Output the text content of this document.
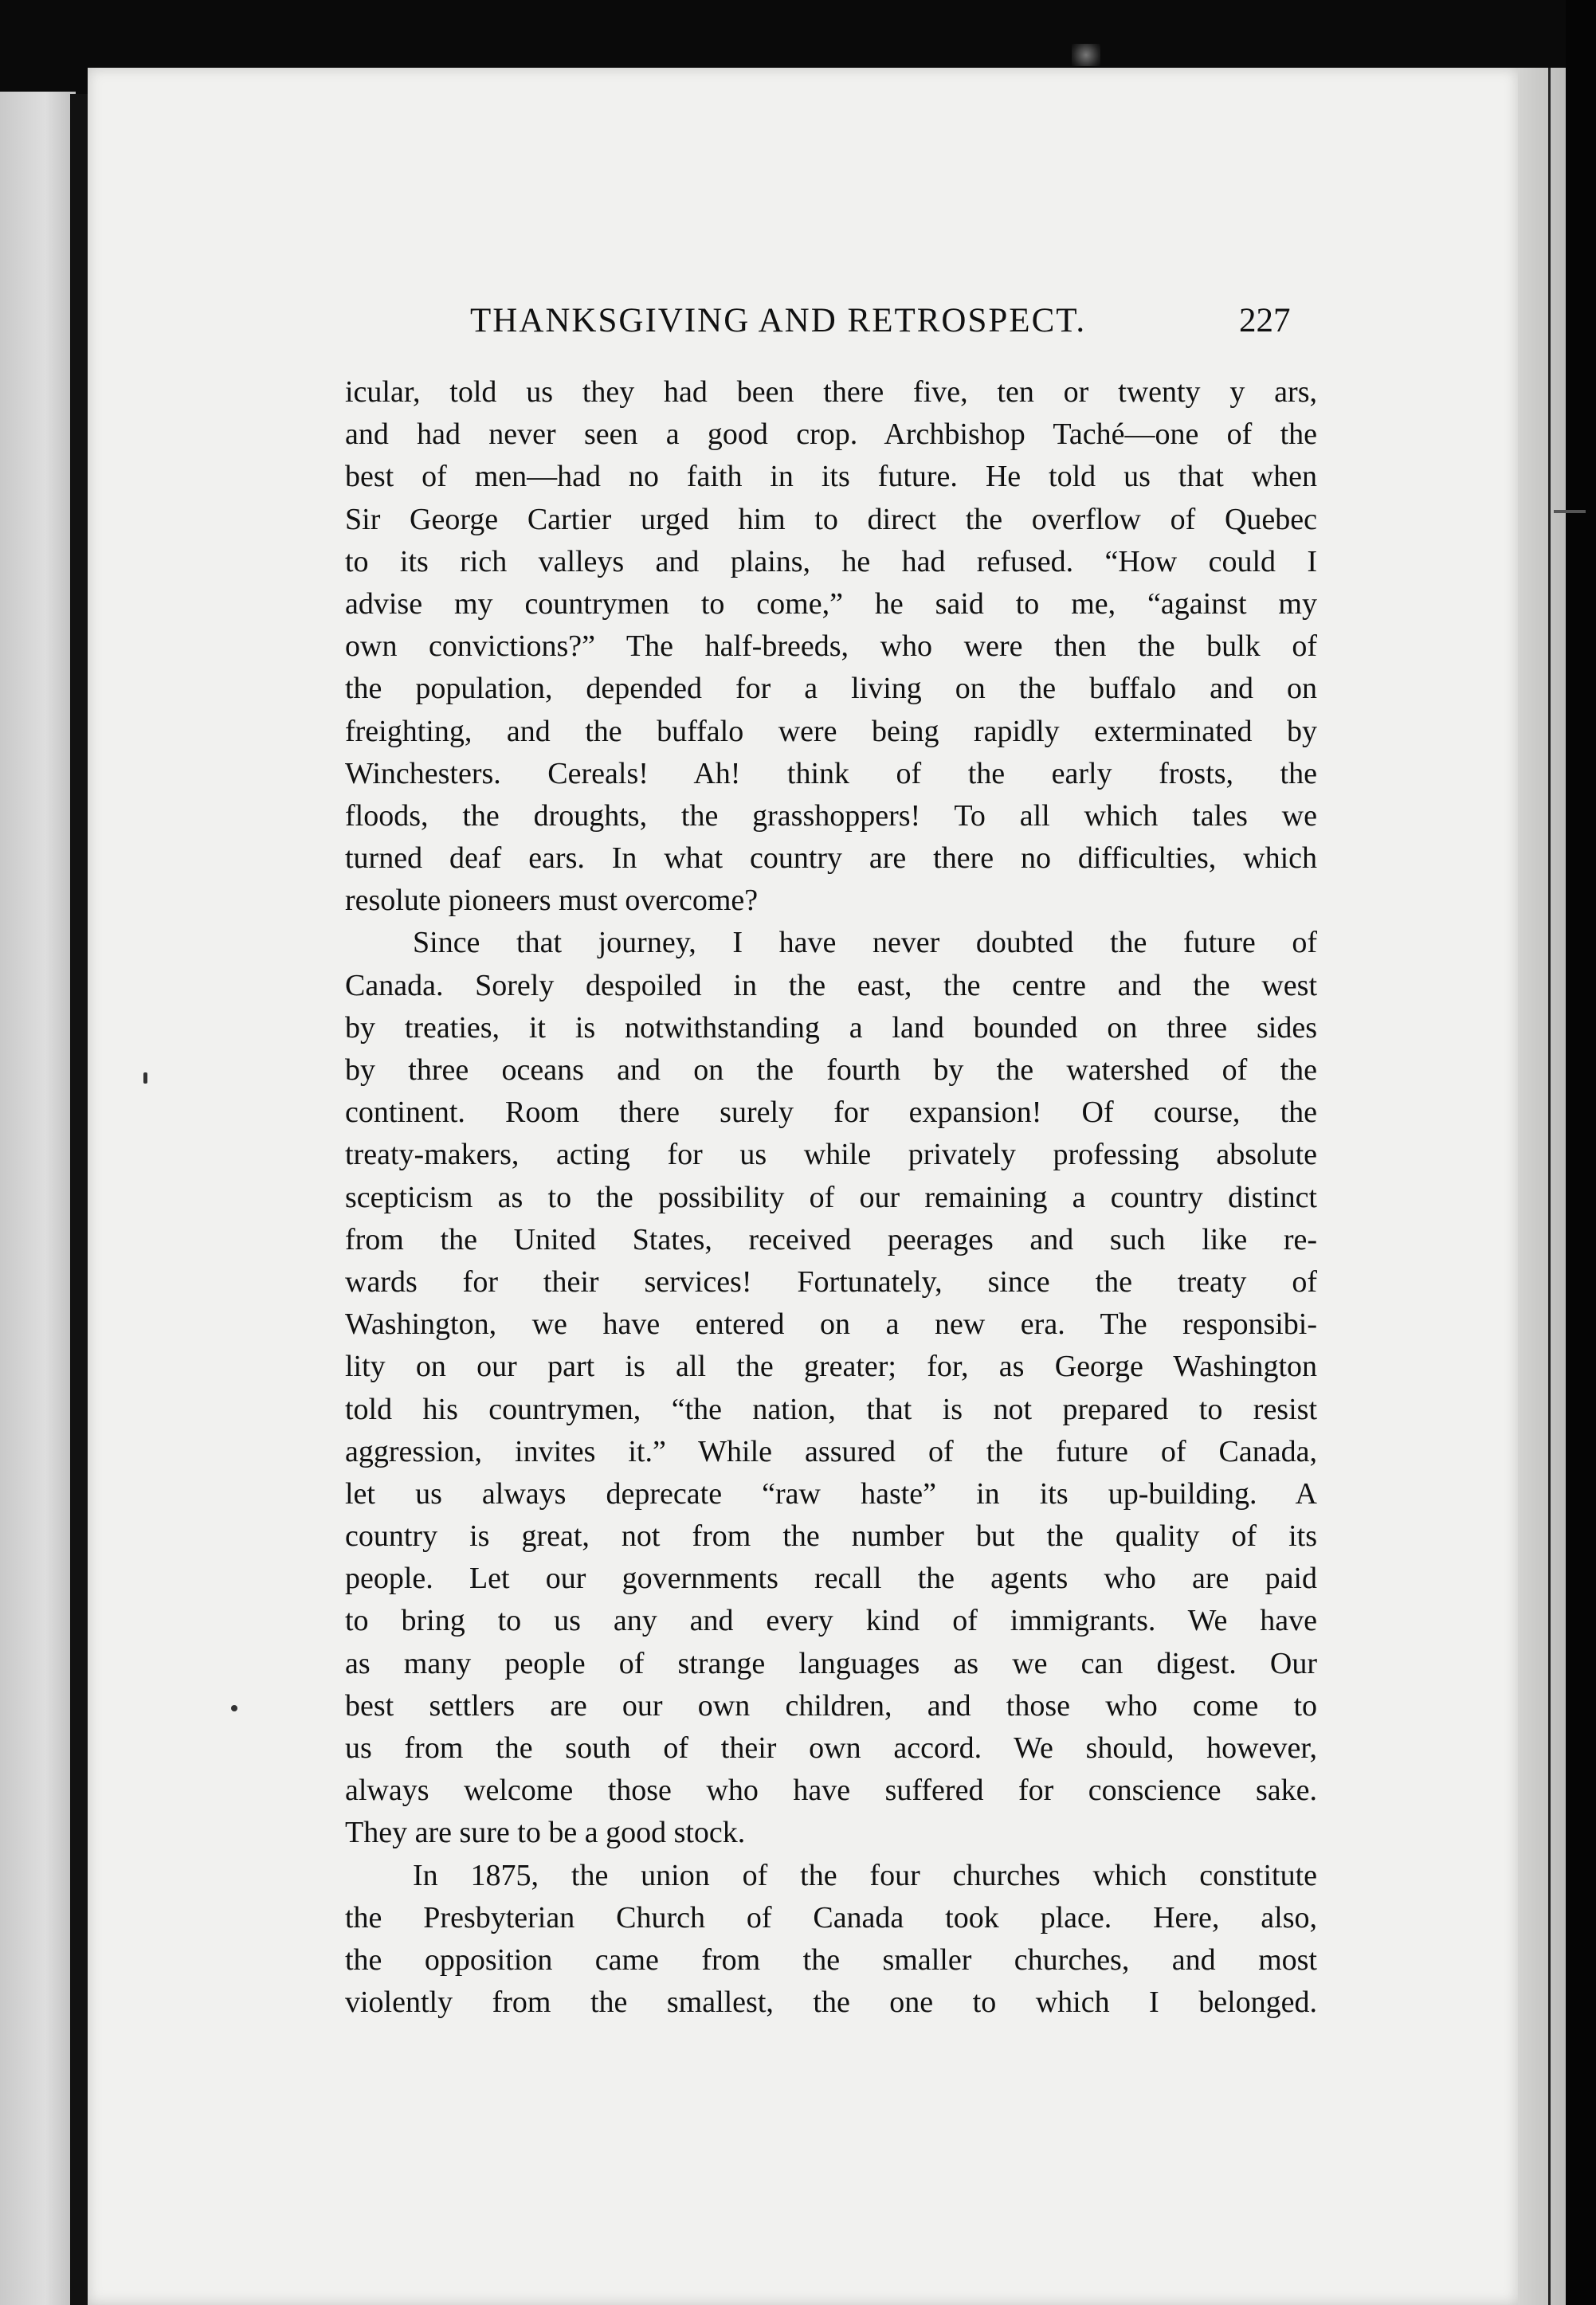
THANKSGIVING AND RETROSPECT.	227
icular, told us they had been there five, ten or twenty y ars,
and had never seen a good crop. Archbishop Taché—one of the
best of men—had no faith in its future. He told us that when
Sir George Cartier urged him to direct the overflow of Quebec
to its rich valleys and plains, he had refused. “How could I
advise my countrymen to come,” he said to me, “against my
own convictions?” The half-breeds, who were then the bulk of
the population, depended for a living on the buffalo and on
freighting, and the buffalo were being rapidly exterminated by
Winchesters. Cereals! Ah! think of the early frosts, the
floods, the droughts, the grasshoppers! To all which tales we
turned deaf ears. In what country are there no difficulties, which
resolute pioneers must overcome?
Since that journey, I have never doubted the future of
Canada. Sorely despoiled in the east, the centre and the west
by treaties, it is notwithstanding a land bounded on three sides
by three oceans and on the fourth by the watershed of the
continent. Room there surely for expansion! Of course, the
treaty-makers, acting for us while privately professing absolute
scepticism as to the possibility of our remaining a country distinct
from the United States, received peerages and such like re-
wards for their services! Fortunately, since the treaty of
Washington, we have entered on a new era. The responsibi-
lity on our part is all the greater; for, as George Washington
told his countrymen, “the nation, that is not prepared to resist
aggression, invites it.” While assured of the future of Canada,
let us always deprecate “raw haste” in its up-building. A
country is great, not from the number but the quality of its
people. Let our governments recall the agents who are paid
to bring to us any and every kind of immigrants. We have
as many people of strange languages as we can digest. Our
best settlers are our own children, and those who come to
us from the south of their own accord. We should, however,
always welcome those who have suffered for conscience sake.
They are sure to be a good stock.
In 1875, the union of the four churches which constitute
the Presbyterian Church of Canada took place. Here, also,
the opposition came from the smaller churches, and most
violently from the smallest, the one to which I belonged.
